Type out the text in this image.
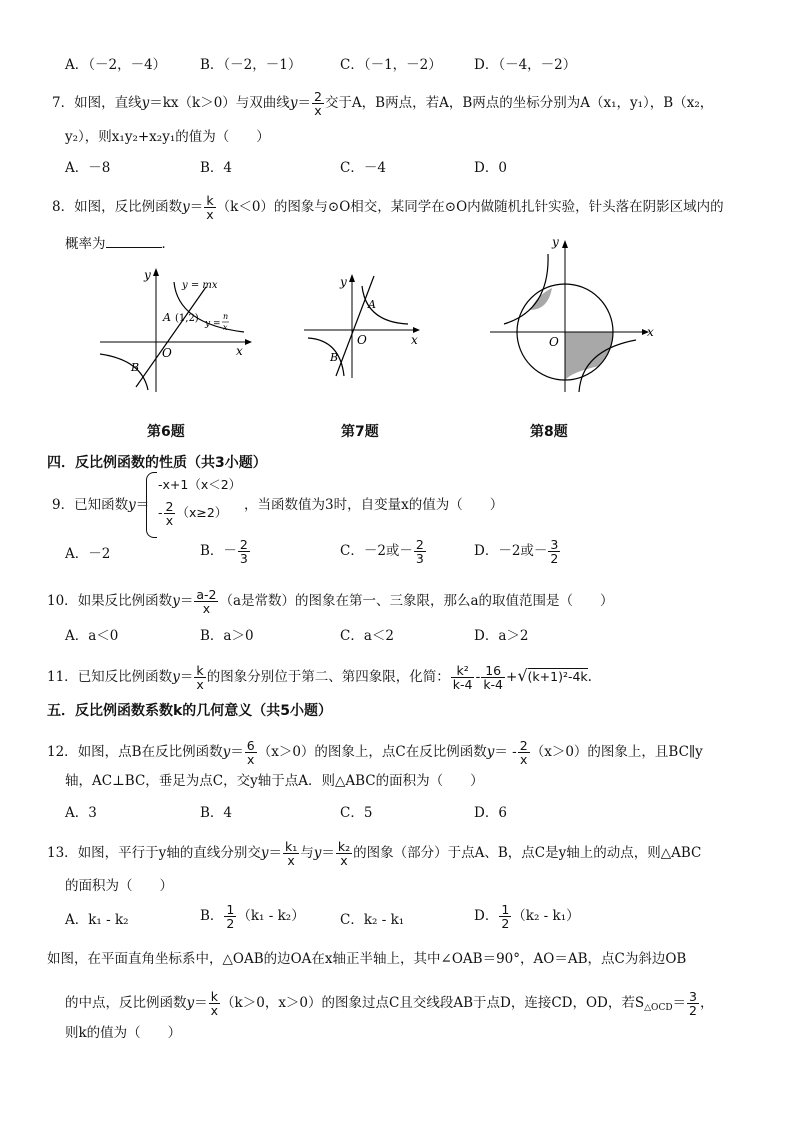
A．（－2，－4）	B．（－2，－1）	C．（－1，－2） D．（－4，－2）
7．如图，直线y＝kx（k＞0）与双曲线$y= \frac{2}{x}$ 交于A，B两点，若A，B两点的坐标分别为A（x₁，y₁），B（x₂，
y₂），则x₁y₂+x₂y₁的值为（　　）
A．－8	B．4	C．－4	D．0
8．如图，反比例函数$y= \frac{k}{x} (k<0)$的图象与⊙O相交，某同学在⊙O内做随机扎针实验，针头落在阴影区域内的
概率为	．
y
x
O
A (1,2)
B
y = mx
y =
n
x
y
x
O
A
B
y
x
O
第6题	第7题	第8题
四．反比例函数的性质（共3小题）
9．已知函数y＝
-x+1（x＜2）
- $\frac{2}{x} (x\ge 2)$ ，当函数值为3时，自变量x的值为（　　）
A．－2	B．－ $\frac{2}{3}$	C．－2或－ $\frac{2}{3}$	D．－2或－ $\frac{3}{2}$
10．如果反比例函数$y= \frac{a-2}{x} (a$是常数）的图象在第一、三象限，那么a的取值范围是（　　）
A．a＜0	B．a＞0	C．a＜2	D．a＞2
11．已知反比例函数$y= \frac{k}{x}$ 的图象分别位于第二、第四象限，化简： $\frac{\text{k²}}{k-4} - \frac{16}{k-4} +√(k+1)^2-4k$.
五．反比例函数系数k的几何意义（共5小题）
12．如图，点B在反比例函数$y= \frac{6}{x} (x>0)$的图象上，点C在反比例函数$y= - \frac{2}{x} (x>0)$的图象上，且BC∥y
轴，AC⊥BC，垂足为点C，交y轴于点A．则△ABC的面积为（　　）
A．3	B．4	C．5	D．6
13．如图，平行于y轴的直线分别交$y= \frac{\text{k₁}}{x}$ 与$y= \frac{\text{k₂}}{x}$ 的图象（部分）于点A、B，点C是y轴上的动点，则△ABC
的面积为（　　）
A．k₁ - k₂	B． $\frac{1}{2} (k_1 - k_2)$	C．k₂ - k₁	D． $\frac{1}{2} (k_2 - k_1)$
如图，在平面直角坐标系中，△OAB的边OA在x轴正半轴上，其中∠OAB＝90°，AO＝AB，点C为斜边OB
的中点，反比例函数$y= \frac{k}{x} (k>0$，x＞0）的图象过点C且交线段AB于点D，连接CD，OD，若$S_{\triangle OCD}= \frac{3}{2}$ ，
则k的值为（　　）
